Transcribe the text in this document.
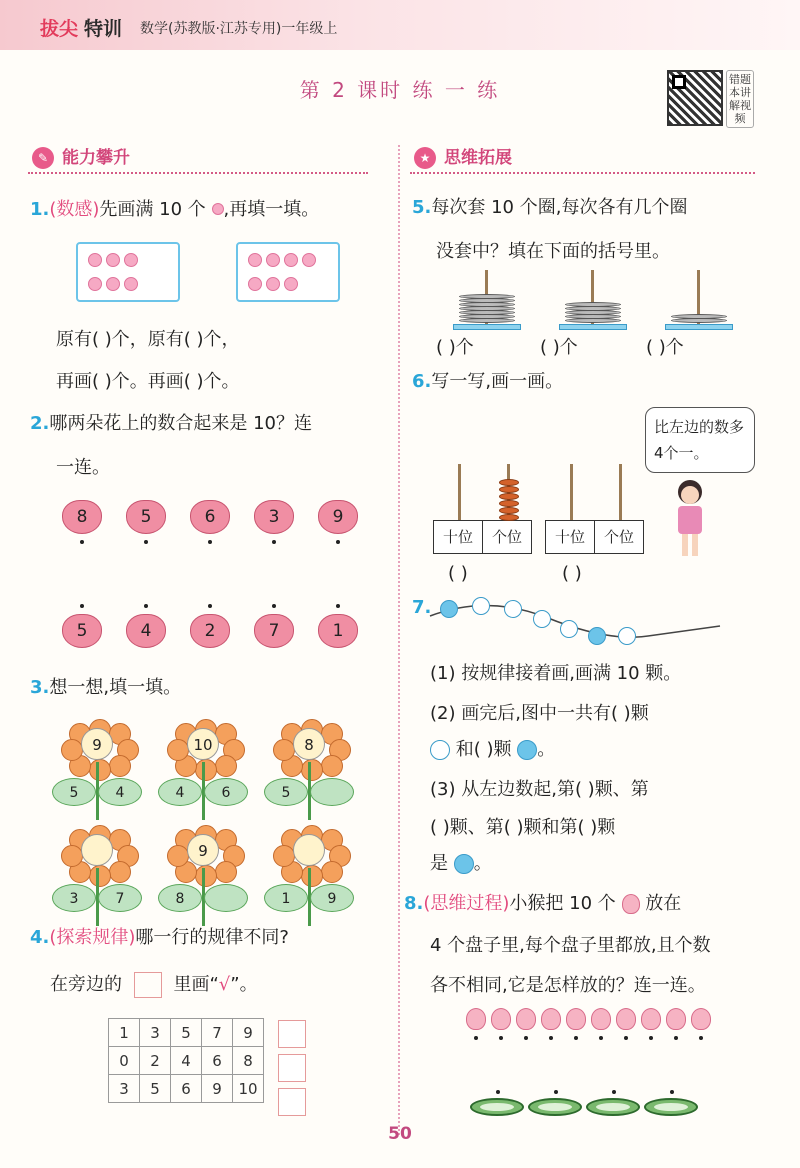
拔尖 特训 数学(苏教版·江苏专用)一年级上
第 2 课时 练 一 练	错题本讲解视频
✎ 能力攀升	★ 思维拓展
1.(数感)先画满 10 个 ,再填一填。
原有( )个，原有( )个，
再画( )个。再画( )个。
2.哪两朵花上的数合起来是 10？连
一连。
3.想一想,填一填。
4.(探索规律)哪一行的规律不同?
在旁边的	里画“√”。
1	3	5	7	9
0	2	4	6	8
3	5	6	9	10
5.每次套 10 个圈,每次各有几个圈
没套中？填在下面的括号里。
( )个	( )个	( )个
6.写一写,画一画。
比左边的数多4个一。
十位	个位	十位	个位
( )	( )
7.
(1) 按规律接着画,画满 10 颗。
(2) 画完后,图中一共有( )颗
和( )颗 。
(3) 从左边数起,第( )颗、第
( )颗、第( )颗和第( )颗
是 。
8.(思维过程)小猴把 10 个 放在
4 个盘子里,每个盘子里都放,且个数
各不相同,它是怎样放的？连一连。
50
8	5	6	3	9
5	4	2	7	1
9
5	4
10
4	6
8
5
3	7
9
8	1	9
